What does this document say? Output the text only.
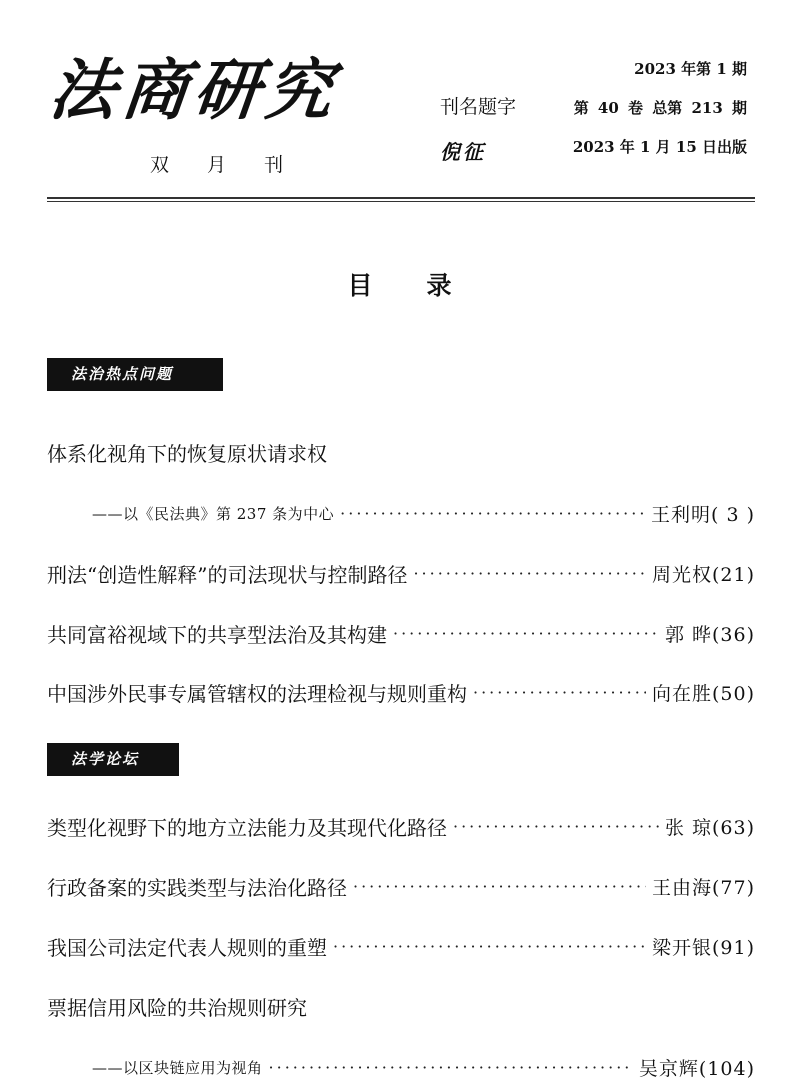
法商研究
双 月 刊
刊名题字
倪征
2023 年第 1 期
第 40 卷 总第 213 期
2023 年 1 月 15 日出版
目录
法治热点问题
体系化视角下的恢复原状请求权
——以《民法典》第 237 条为中心 ·····	王利明( 3 )
刑法“创造性解释”的司法现状与控制路径 ·····	周光权(21)
共同富裕视域下的共享型法治及其构建 ·····	郭 晔(36)
中国涉外民事专属管辖权的法理检视与规则重构 ·····	向在胜(50)
法学论坛
类型化视野下的地方立法能力及其现代化路径 ·····	张 琼(63)
行政备案的实践类型与法治化路径 ·····	王由海(77)
我国公司法定代表人规则的重塑 ·····	梁开银(91)
票据信用风险的共治规则研究
——以区块链应用为视角 ·····	吴京辉(104)
